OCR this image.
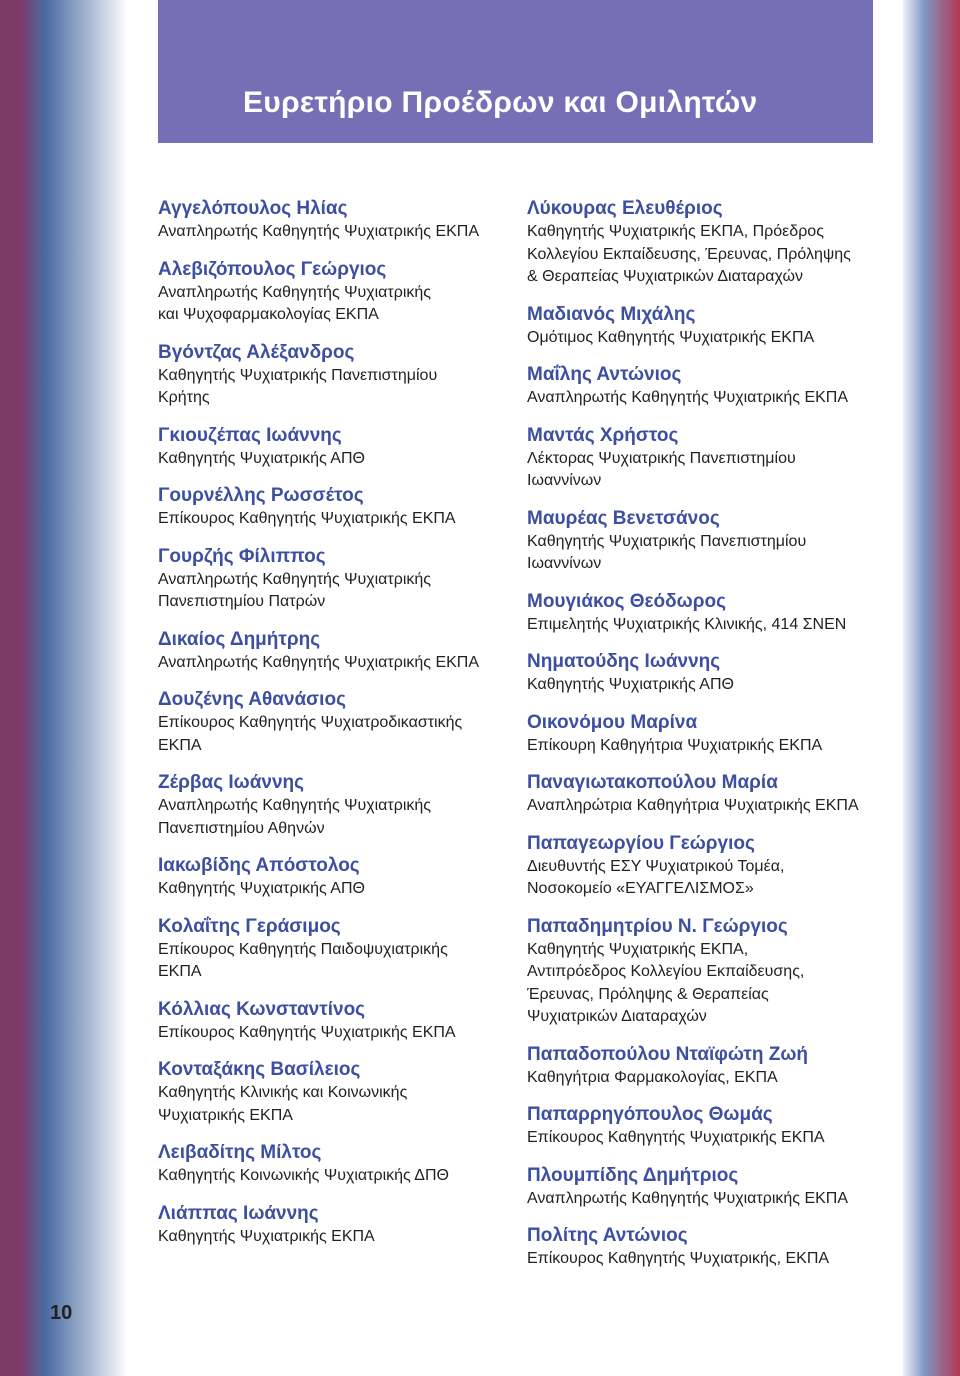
Ευρετήριο Προέδρων και Ομιλητών
Αγγελόπουλος Ηλίας
Αναπληρωτής Καθηγητής Ψυχιατρικής ΕΚΠΑ
Αλεβιζόπουλος Γεώργιος
Αναπληρωτής Καθηγητής Ψυχιατρικής
και Ψυχοφαρμακολογίας ΕΚΠΑ
Βγόντζας Αλέξανδρος
Καθηγητής Ψυχιατρικής Πανεπιστημίου
Κρήτης
Γκιουζέπας Ιωάννης
Καθηγητής Ψυχιατρικής ΑΠΘ
Γουρνέλλης Ρωσσέτος
Επίκουρος Καθηγητής Ψυχιατρικής ΕΚΠΑ
Γουρζής Φίλιππος
Αναπληρωτής Καθηγητής Ψυχιατρικής
Πανεπιστημίου Πατρών
Δικαίος Δημήτρης
Αναπληρωτής Καθηγητής Ψυχιατρικής ΕΚΠΑ
Δουζένης Αθανάσιος
Επίκουρος Καθηγητής Ψυχιατροδικαστικής
ΕΚΠΑ
Ζέρβας Ιωάννης
Αναπληρωτής Καθηγητής Ψυχιατρικής
Πανεπιστημίου Αθηνών
Ιακωβίδης Απόστολος
Καθηγητής Ψυχιατρικής ΑΠΘ
Κολαΐτης Γεράσιμος
Επίκουρος Καθηγητής Παιδοψυχιατρικής
ΕΚΠΑ
Κόλλιας Κωνσταντίνος
Επίκουρος Καθηγητής Ψυχιατρικής ΕΚΠΑ
Κονταξάκης Βασίλειος
Καθηγητής Κλινικής και Κοινωνικής
Ψυχιατρικής ΕΚΠΑ
Λειβαδίτης Μίλτος
Καθηγητής Κοινωνικής Ψυχιατρικής ΔΠΘ
Λιάππας Ιωάννης
Καθηγητής Ψυχιατρικής ΕΚΠΑ
Λύκουρας Ελευθέριος
Καθηγητής Ψυχιατρικής ΕΚΠΑ, Πρόεδρος
Κολλεγίου Εκπαίδευσης, Έρευνας, Πρόληψης
& Θεραπείας Ψυχιατρικών Διαταραχών
Μαδιανός Μιχάλης
Ομότιμος Καθηγητής Ψυχιατρικής ΕΚΠΑ
Μαΐλης Αντώνιος
Αναπληρωτής Καθηγητής Ψυχιατρικής ΕΚΠΑ
Μαντάς Χρήστος
Λέκτορας Ψυχιατρικής Πανεπιστημίου
Ιωαννίνων
Μαυρέας Βενετσάνος
Καθηγητής Ψυχιατρικής Πανεπιστημίου
Ιωαννίνων
Μουγιάκος Θεόδωρος
Επιμελητής Ψυχιατρικής Κλινικής, 414 ΣΝΕΝ
Νηματούδης Ιωάννης
Καθηγητής Ψυχιατρικής ΑΠΘ
Οικονόμου Μαρίνα
Επίκουρη Καθηγήτρια Ψυχιατρικής ΕΚΠΑ
Παναγιωτακοπούλου Μαρία
Αναπληρώτρια Καθηγήτρια Ψυχιατρικής ΕΚΠΑ
Παπαγεωργίου Γεώργιος
Διευθυντής ΕΣΥ Ψυχιατρικού Τομέα,
Νοσοκομείο «ΕΥΑΓΓΕΛΙΣΜΟΣ»
Παπαδημητρίου Ν. Γεώργιος
Καθηγητής Ψυχιατρικής ΕΚΠΑ,
Αντιπρόεδρος Κολλεγίου Εκπαίδευσης,
Έρευνας, Πρόληψης & Θεραπείας
Ψυχιατρικών Διαταραχών
Παπαδοπούλου Νταϊφώτη Ζωή
Καθηγήτρια Φαρμακολογίας, ΕΚΠΑ
Παπαρρηγόπουλος Θωμάς
Επίκουρος Καθηγητής Ψυχιατρικής ΕΚΠΑ
Πλουμπίδης Δημήτριος
Αναπληρωτής Καθηγητής Ψυχιατρικής ΕΚΠΑ
Πολίτης Αντώνιος
Επίκουρος Καθηγητής Ψυχιατρικής, ΕΚΠΑ
10
